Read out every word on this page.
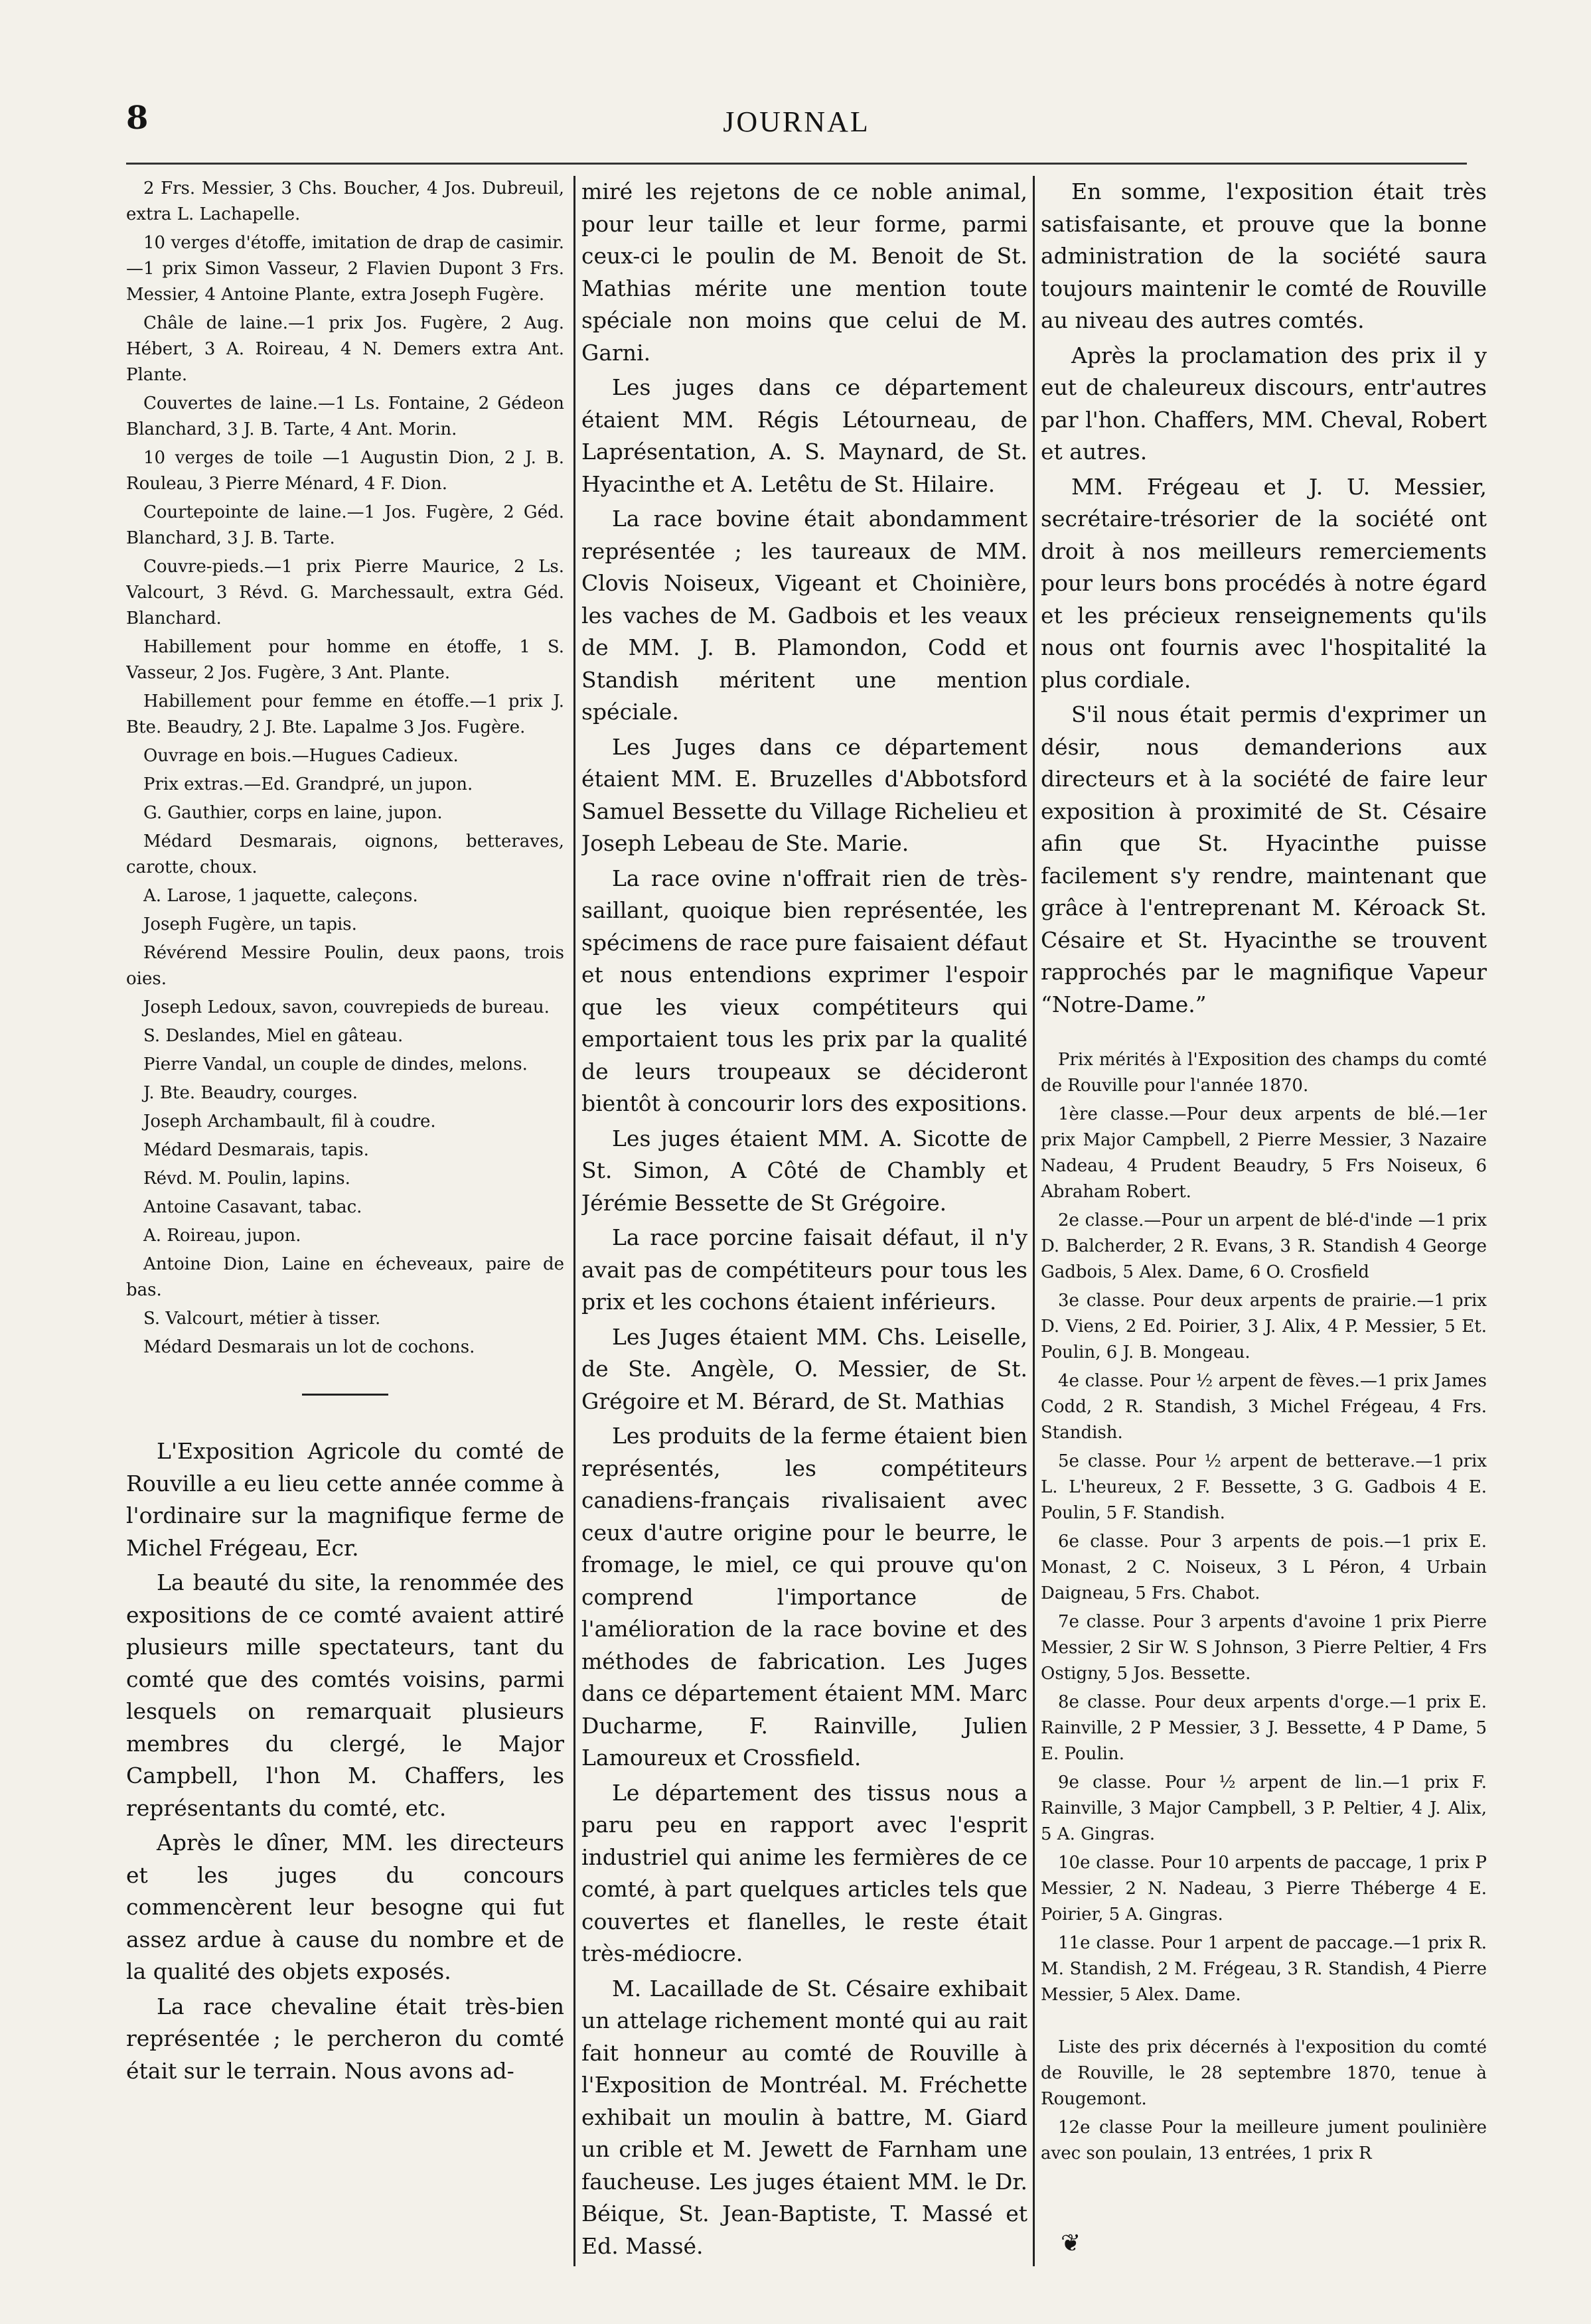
8	JOURNAL

2 Frs. Messier, 3 Chs. Boucher, 4 Jos. Dubreuil, extra L. Lachapelle.

10 verges d'étoffe, imitation de drap de casimir.—1 prix Simon Vasseur, 2 Flavien Dupont 3 Frs. Messier, 4 Antoine Plante, extra Joseph Fugère.

Châle de laine.—1 prix Jos. Fugère, 2 Aug. Hébert, 3 A. Roireau, 4 N. Demers extra Ant. Plante.

Couvertes de laine.—1 Ls. Fontaine, 2 Gédeon Blanchard, 3 J. B. Tarte, 4 Ant. Morin.

10 verges de toile —1 Augustin Dion, 2 J. B. Rouleau, 3 Pierre Ménard, 4 F. Dion.

Courtepointe de laine.—1 Jos. Fugère, 2 Géd. Blanchard, 3 J. B. Tarte.

Couvre-pieds.—1 prix Pierre Maurice, 2 Ls. Valcourt, 3 Révd. G. Marchessault, extra Géd. Blanchard.

Habillement pour homme en étoffe, 1 S. Vasseur, 2 Jos. Fugère, 3 Ant. Plante.

Habillement pour femme en étoffe.—1 prix J. Bte. Beaudry, 2 J. Bte. Lapalme 3 Jos. Fugère.

Ouvrage en bois.—Hugues Cadieux.

Prix extras.—Ed. Grandpré, un jupon.

G. Gauthier, corps en laine, jupon.

Médard Desmarais, oignons, betteraves, carotte, choux.

A. Larose, 1 jaquette, caleçons.

Joseph Fugère, un tapis.

Révérend Messire Poulin, deux paons, trois oies.

Joseph Ledoux, savon, couvrepieds de bureau.

S. Deslandes, Miel en gâteau.

Pierre Vandal, un couple de dindes, melons.

J. Bte. Beaudry, courges.

Joseph Archambault, fil à coudre.

Médard Desmarais, tapis.

Révd. M. Poulin, lapins.

Antoine Casavant, tabac.

A. Roireau, jupon.

Antoine Dion, Laine en écheveaux, paire de bas.

S. Valcourt, métier à tisser.

Médard Desmarais un lot de cochons.

L'Exposition Agricole du comté de Rouville a eu lieu cette année comme à l'ordinaire sur la magnifique ferme de Michel Frégeau, Ecr.

La beauté du site, la renommée des expositions de ce comté avaient attiré plusieurs mille spectateurs, tant du comté que des comtés voisins, parmi lesquels on remarquait plusieurs membres du clergé, le Major Campbell, l'hon M. Chaffers, les représentants du comté, etc.

Après le dîner, MM. les directeurs et les juges du concours commencèrent leur besogne qui fut assez ardue à cause du nombre et de la qualité des objets exposés.

La race chevaline était très-bien représentée ; le percheron du comté était sur le terrain. Nous avons ad-

miré les rejetons de ce noble animal, pour leur taille et leur forme, parmi ceux-ci le poulin de M. Benoit de St. Mathias mérite une mention toute spéciale non moins que celui de M. Garni.

Les juges dans ce département étaient MM. Régis Létourneau, de Laprésentation, A. S. Maynard, de St. Hyacinthe et A. Letêtu de St. Hilaire.

La race bovine était abondamment représentée ; les taureaux de MM. Clovis Noiseux, Vigeant et Choinière, les vaches de M. Gadbois et les veaux de MM. J. B. Plamondon, Codd et Standish méritent une mention spéciale.

Les Juges dans ce département étaient MM. E. Bruzelles d'Abbotsford Samuel Bessette du Village Richelieu et Joseph Lebeau de Ste. Marie.

La race ovine n'offrait rien de très-saillant, quoique bien représentée, les spécimens de race pure faisaient défaut et nous entendions exprimer l'espoir que les vieux compétiteurs qui emportaient tous les prix par la qualité de leurs troupeaux se décideront bientôt à concourir lors des expositions.

Les juges étaient MM. A. Sicotte de St. Simon, A Côté de Chambly et Jérémie Bessette de St Grégoire.

La race porcine faisait défaut, il n'y avait pas de compétiteurs pour tous les prix et les cochons étaient inférieurs.

Les Juges étaient MM. Chs. Leiselle, de Ste. Angèle, O. Messier, de St. Grégoire et M. Bérard, de St. Mathias

Les produits de la ferme étaient bien représentés, les compétiteurs canadiens-français rivalisaient avec ceux d'autre origine pour le beurre, le fromage, le miel, ce qui prouve qu'on comprend l'importance de l'amélioration de la race bovine et des méthodes de fabrication. Les Juges dans ce département étaient MM. Marc Ducharme, F. Rainville, Julien Lamoureux et Crossfield.

Le département des tissus nous a paru peu en rapport avec l'esprit industriel qui anime les fermières de ce comté, à part quelques articles tels que couvertes et flanelles, le reste était très-médiocre.

M. Lacaillade de St. Césaire exhibait un attelage richement monté qui au rait fait honneur au comté de Rouville à l'Exposition de Montréal. M. Fréchette exhibait un moulin à battre, M. Giard un crible et M. Jewett de Farnham une faucheuse. Les juges étaient MM. le Dr. Béique, St. Jean-Baptiste, T. Massé et Ed. Massé.

En somme, l'exposition était très satisfaisante, et prouve que la bonne administration de la société saura toujours maintenir le comté de Rouville au niveau des autres comtés.

Après la proclamation des prix il y eut de chaleureux discours, entr'autres par l'hon. Chaffers, MM. Cheval, Robert et autres.

MM. Frégeau et J. U. Messier, secrétaire-trésorier de la société ont droit à nos meilleurs remerciements pour leurs bons procédés à notre égard et les précieux renseignements qu'ils nous ont fournis avec l'hospitalité la plus cordiale.

S'il nous était permis d'exprimer un désir, nous demanderions aux directeurs et à la société de faire leur exposition à proximité de St. Césaire afin que St. Hyacinthe puisse facilement s'y rendre, maintenant que grâce à l'entreprenant M. Kéroack St. Césaire et St. Hyacinthe se trouvent rapprochés par le magnifique Vapeur “Notre-Dame.”

Prix mérités à l'Exposition des champs du comté de Rouville pour l'année 1870.

1ère classe.—Pour deux arpents de blé.—1er prix Major Campbell, 2 Pierre Messier, 3 Nazaire Nadeau, 4 Prudent Beaudry, 5 Frs Noiseux, 6 Abraham Robert.

2e classe.—Pour un arpent de blé-d'inde —1 prix D. Balcherder, 2 R. Evans, 3 R. Standish 4 George Gadbois, 5 Alex. Dame, 6 O. Crosfield

3e classe. Pour deux arpents de prairie.—1 prix D. Viens, 2 Ed. Poirier, 3 J. Alix, 4 P. Messier, 5 Et. Poulin, 6 J. B. Mongeau.

4e classe. Pour ½ arpent de fèves.—1 prix James Codd, 2 R. Standish, 3 Michel Frégeau, 4 Frs. Standish.

5e classe. Pour ½ arpent de betterave.—1 prix L. L'heureux, 2 F. Bessette, 3 G. Gadbois 4 E. Poulin, 5 F. Standish.

6e classe. Pour 3 arpents de pois.—1 prix E. Monast, 2 C. Noiseux, 3 L Péron, 4 Urbain Daigneau, 5 Frs. Chabot.

7e classe. Pour 3 arpents d'avoine 1 prix Pierre Messier, 2 Sir W. S Johnson, 3 Pierre Peltier, 4 Frs Ostigny, 5 Jos. Bessette.

8e classe. Pour deux arpents d'orge.—1 prix E. Rainville, 2 P Messier, 3 J. Bessette, 4 P Dame, 5 E. Poulin.

9e classe. Pour ½ arpent de lin.—1 prix F. Rainville, 3 Major Campbell, 3 P. Peltier, 4 J. Alix, 5 A. Gingras.

10e classe. Pour 10 arpents de paccage, 1 prix P Messier, 2 N. Nadeau, 3 Pierre Théberge 4 E. Poirier, 5 A. Gingras.

11e classe. Pour 1 arpent de paccage.—1 prix R. M. Standish, 2 M. Frégeau, 3 R. Standish, 4 Pierre Messier, 5 Alex. Dame.

Liste des prix décernés à l'exposition du comté de Rouville, le 28 septembre 1870, tenue à Rougemont.

12e classe Pour la meilleure jument poulinière avec son poulain, 13 entrées, 1 prix R

❦
